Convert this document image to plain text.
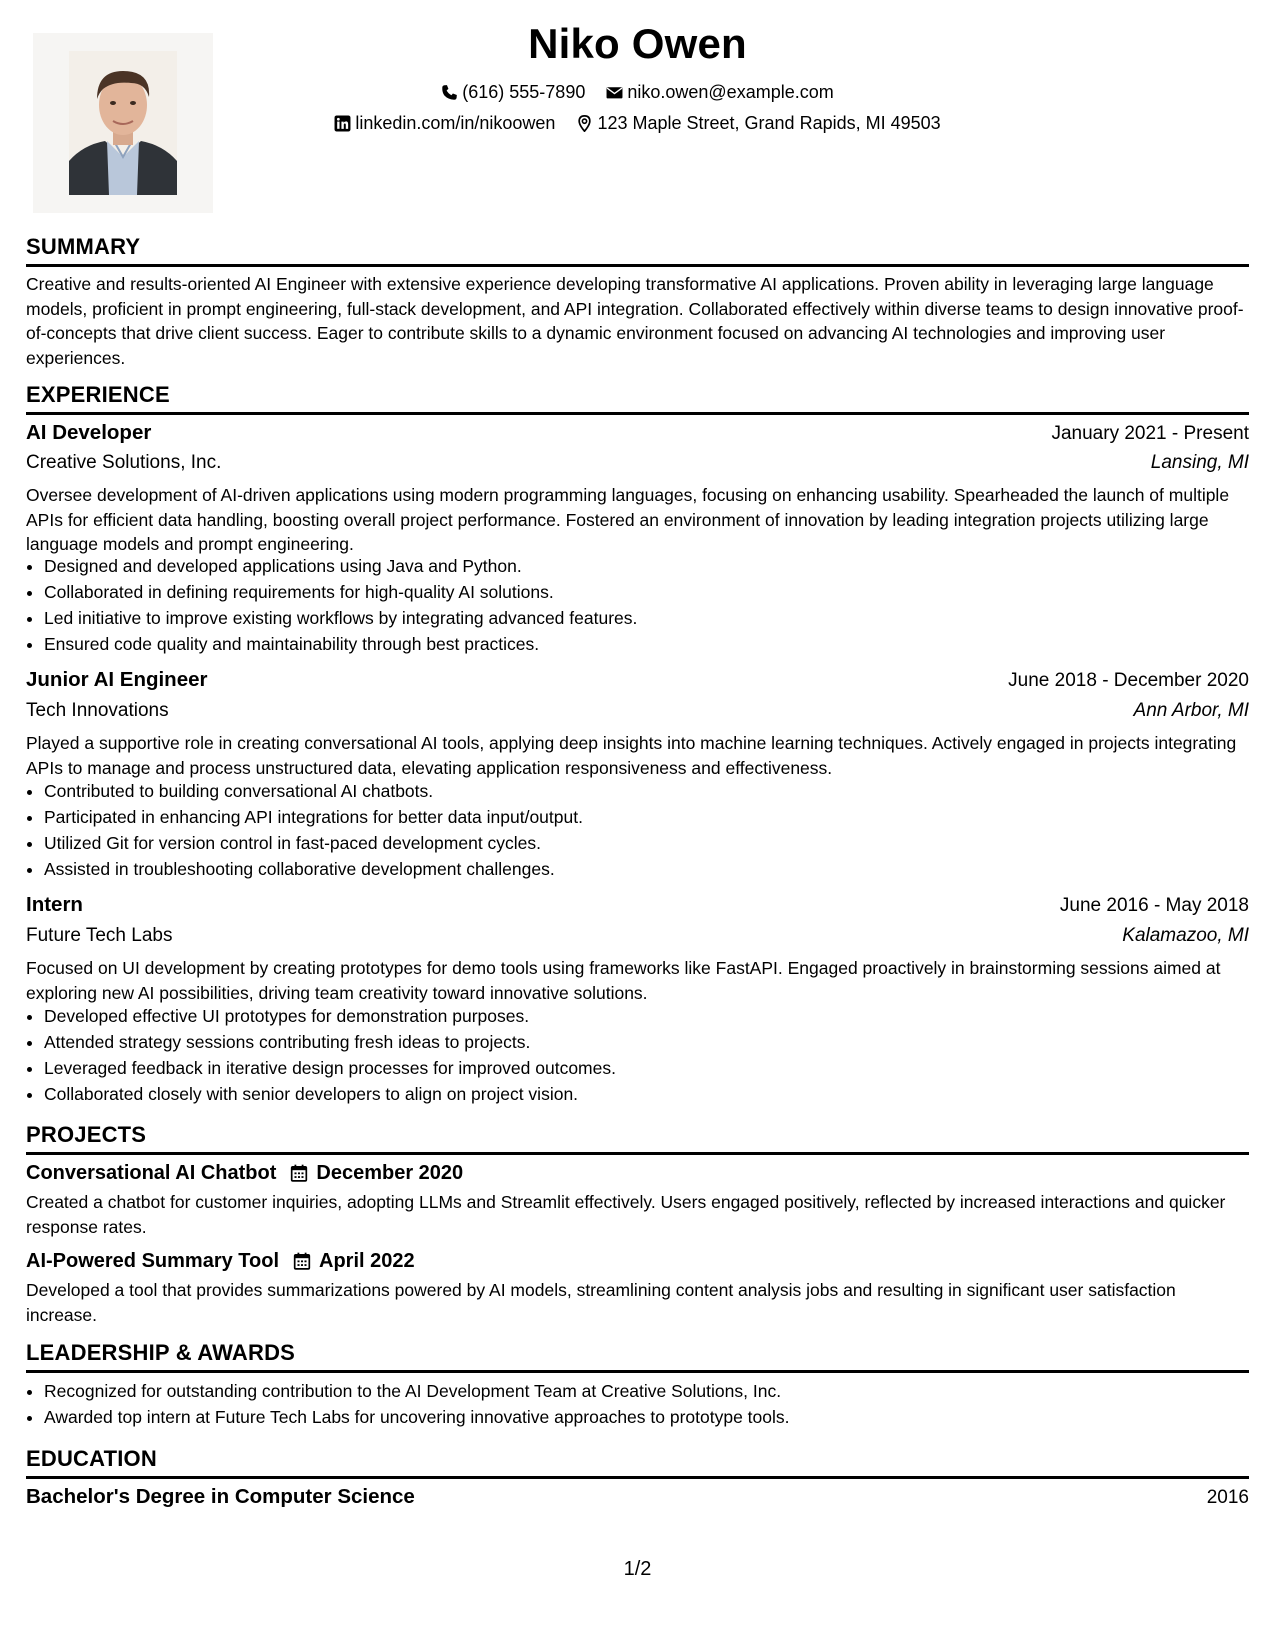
Niko Owen
(616) 555-7890
niko.owen@example.com
linkedin.com/in/nikoowen
123 Maple Street, Grand Rapids, MI 49503
SUMMARY
Creative and results-oriented AI Engineer with extensive experience developing transformative AI applications. Proven ability in leveraging large language models, proficient in prompt engineering, full-stack development, and API integration. Collaborated effectively within diverse teams to design innovative proof-of-concepts that drive client success. Eager to contribute skills to a dynamic environment focused on advancing AI technologies and improving user experiences.
EXPERIENCE
AI Developer	January 2021 - Present
Creative Solutions, Inc.	Lansing, MI
Oversee development of AI-driven applications using modern programming languages, focusing on enhancing usability. Spearheaded the launch of multiple APIs for efficient data handling, boosting overall project performance. Fostered an environment of innovation by leading integration projects utilizing large language models and prompt engineering.
• Designed and developed applications using Java and Python.
• Collaborated in defining requirements for high-quality AI solutions.
• Led initiative to improve existing workflows by integrating advanced features.
• Ensured code quality and maintainability through best practices.
Junior AI Engineer	June 2018 - December 2020
Tech Innovations	Ann Arbor, MI
Played a supportive role in creating conversational AI tools, applying deep insights into machine learning techniques. Actively engaged in projects integrating APIs to manage and process unstructured data, elevating application responsiveness and effectiveness.
• Contributed to building conversational AI chatbots.
• Participated in enhancing API integrations for better data input/output.
• Utilized Git for version control in fast-paced development cycles.
• Assisted in troubleshooting collaborative development challenges.
Intern	June 2016 - May 2018
Future Tech Labs	Kalamazoo, MI
Focused on UI development by creating prototypes for demo tools using frameworks like FastAPI. Engaged proactively in brainstorming sessions aimed at exploring new AI possibilities, driving team creativity toward innovative solutions.
• Developed effective UI prototypes for demonstration purposes.
• Attended strategy sessions contributing fresh ideas to projects.
• Leveraged feedback in iterative design processes for improved outcomes.
• Collaborated closely with senior developers to align on project vision.
PROJECTS
Conversational AI Chatbot December 2020
Created a chatbot for customer inquiries, adopting LLMs and Streamlit effectively. Users engaged positively, reflected by increased interactions and quicker response rates.
AI-Powered Summary Tool April 2022
Developed a tool that provides summarizations powered by AI models, streamlining content analysis jobs and resulting in significant user satisfaction increase.
LEADERSHIP & AWARDS
• Recognized for outstanding contribution to the AI Development Team at Creative Solutions, Inc.
• Awarded top intern at Future Tech Labs for uncovering innovative approaches to prototype tools.
EDUCATION
Bachelor's Degree in Computer Science	2016
1/2
